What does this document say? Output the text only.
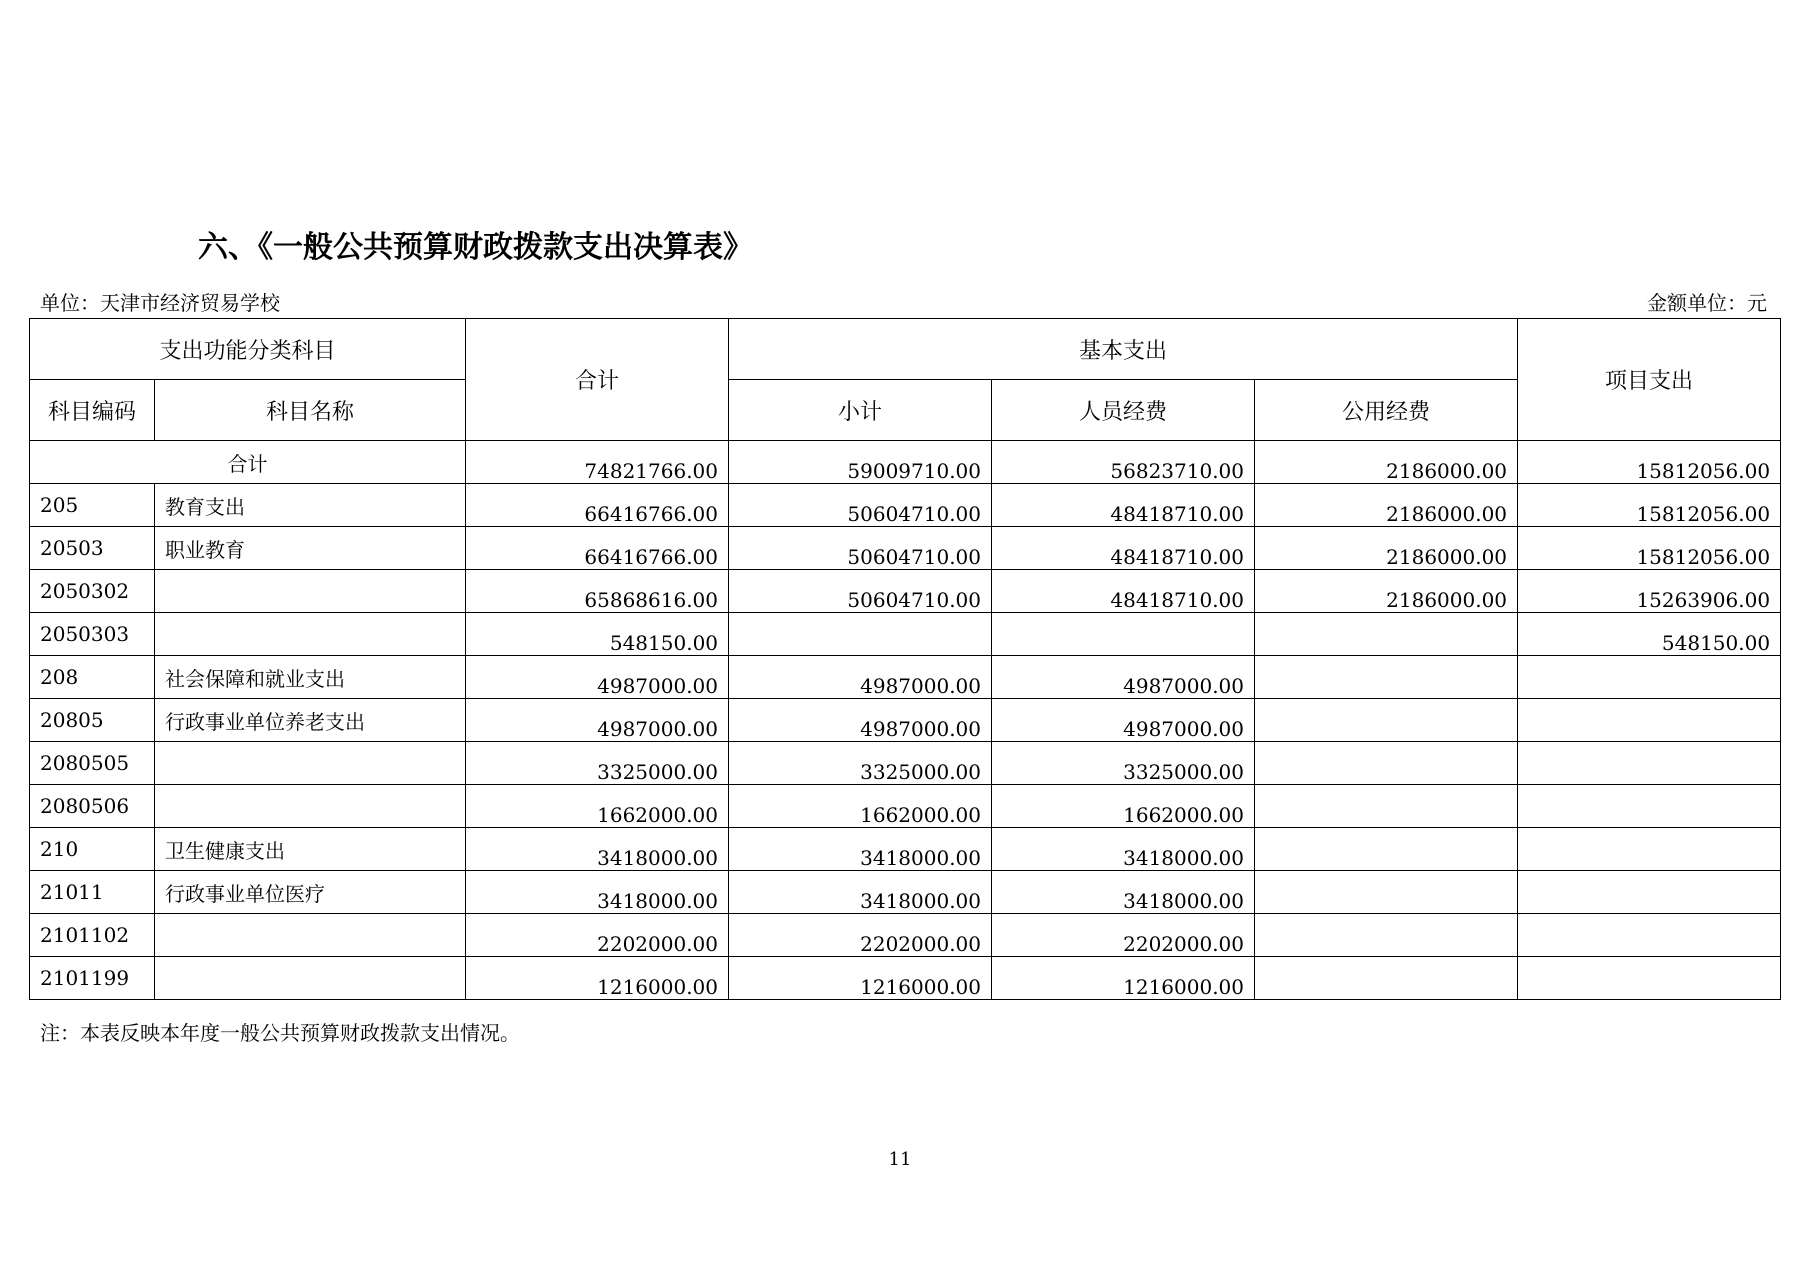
六、《一般公共预算财政拨款支出决算表》
单位：天津市经济贸易学校	金额单位：元
支出功能分类科目		合计	基本支出			项目支出
科目编码	科目名称		小计	人员经费	公用经费	
合计		74821766.00	59009710.00	56823710.00	2186000.00	15812056.00
205	教育支出	66416766.00	50604710.00	48418710.00	2186000.00	15812056.00
20503	职业教育	66416766.00	50604710.00	48418710.00	2186000.00	15812056.00
2050302		65868616.00	50604710.00	48418710.00	2186000.00	15263906.00
2050303		548150.00				548150.00
208	社会保障和就业支出	4987000.00	4987000.00	4987000.00		
20805	行政事业单位养老支出	4987000.00	4987000.00	4987000.00		
2080505		3325000.00	3325000.00	3325000.00		
2080506		1662000.00	1662000.00	1662000.00		
210	卫生健康支出	3418000.00	3418000.00	3418000.00		
21011	行政事业单位医疗	3418000.00	3418000.00	3418000.00		
2101102		2202000.00	2202000.00	2202000.00		
2101199		1216000.00	1216000.00	1216000.00		
注：本表反映本年度一般公共预算财政拨款支出情况。
11
